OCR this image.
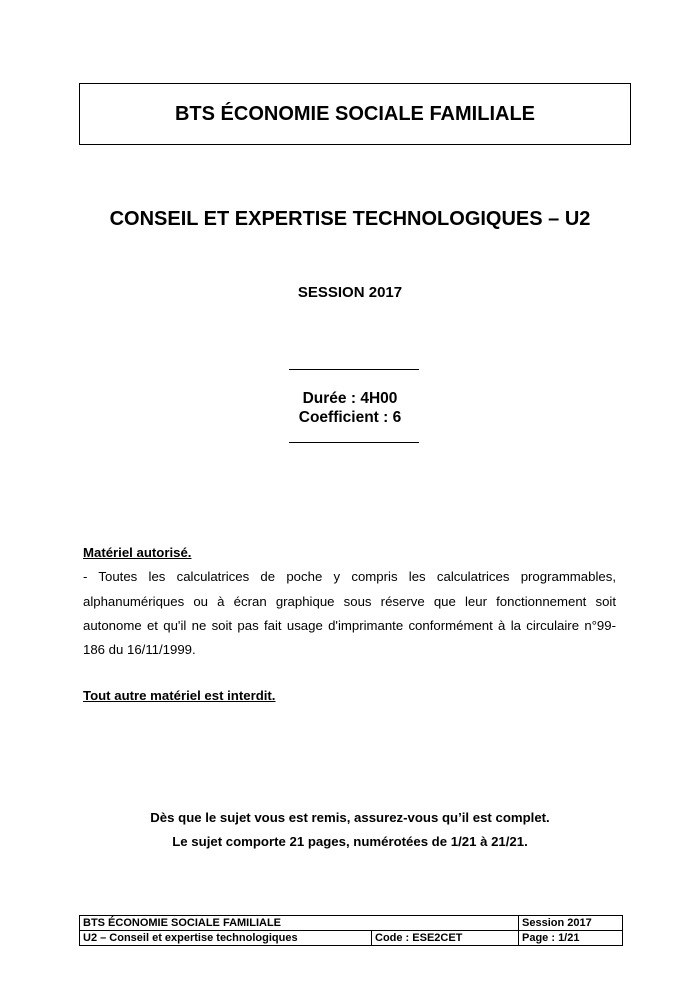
BTS ÉCONOMIE SOCIALE FAMILIALE
CONSEIL ET EXPERTISE TECHNOLOGIQUES – U2
SESSION 2017
Durée : 4H00
Coefficient : 6
Matériel autorisé.
- Toutes les calculatrices de poche y compris les calculatrices programmables, alphanumériques ou à écran graphique sous réserve que leur fonctionnement soit autonome et qu'il ne soit pas fait usage d'imprimante conformément à la circulaire n°99-186 du 16/11/1999.
Tout autre matériel est interdit.
Dès que le sujet vous est remis, assurez-vous qu’il est complet.
Le sujet comporte 21 pages, numérotées de 1/21 à 21/21.
BTS ÉCONOMIE SOCIALE FAMILIALE		Session 2017
U2 – Conseil et expertise technologiques	Code : ESE2CET	Page : 1/21
